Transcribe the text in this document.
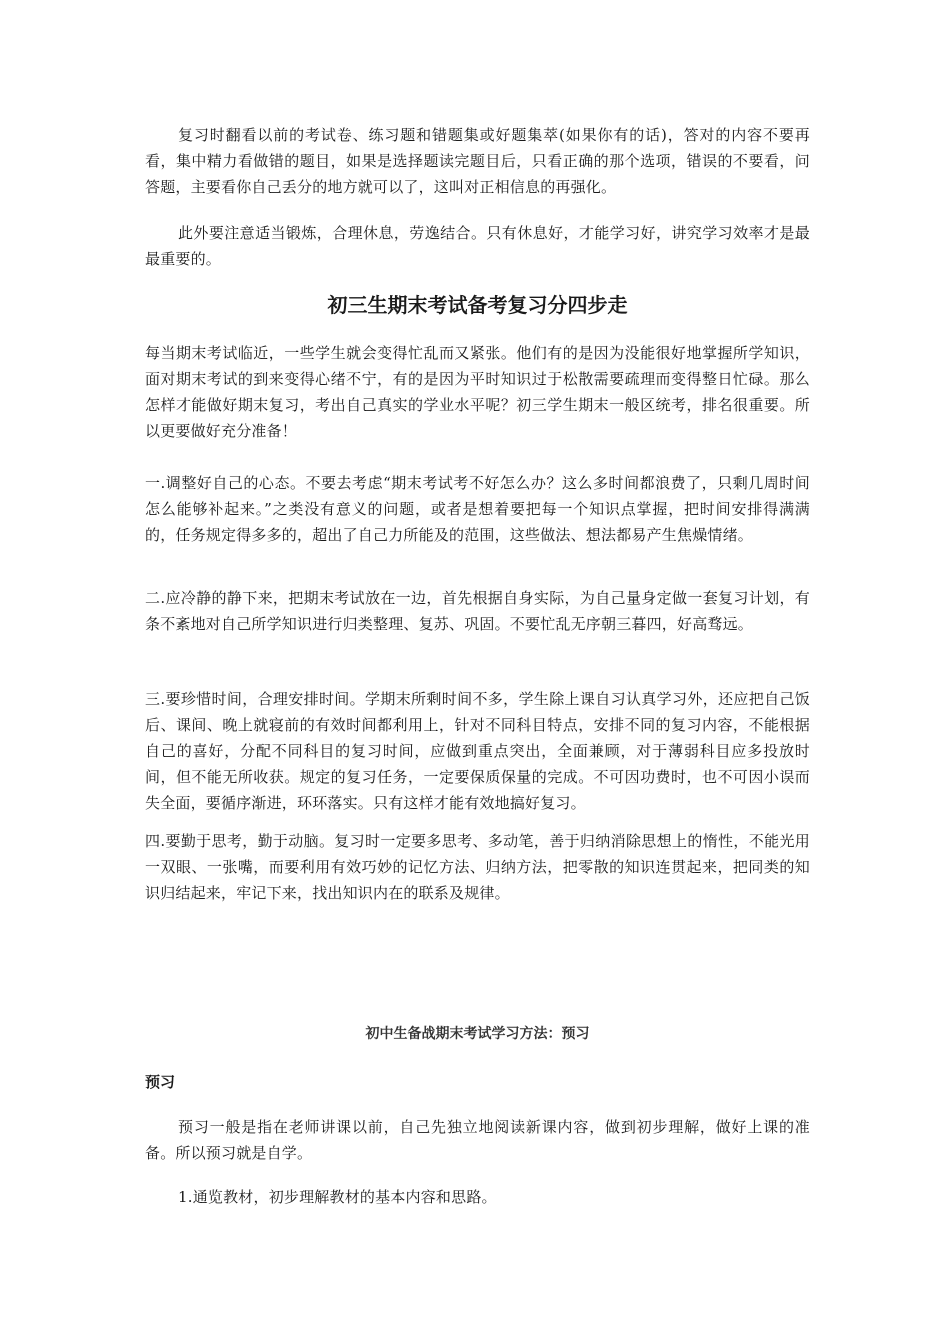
复习时翻看以前的考试卷、练习题和错题集或好题集萃(如果你有的话)，答对的内容不要再看，集中精力看做错的题目，如果是选择题读完题目后，只看正确的那个选项，错误的不要看，问答题，主要看你自己丢分的地方就可以了，这叫对正相信息的再强化。

此外要注意适当锻炼，合理休息，劳逸结合。只有休息好，才能学习好，讲究学习效率才是最最重要的。

初三生期末考试备考复习分四步走

每当期末考试临近，一些学生就会变得忙乱而又紧张。他们有的是因为没能很好地掌握所学知识，面对期末考试的到来变得心绪不宁，有的是因为平时知识过于松散需要疏理而变得整日忙碌。那么怎样才能做好期末复习，考出自己真实的学业水平呢？初三学生期末一般区统考，排名很重要。所以更要做好充分准备！

一.调整好自己的心态。不要去考虑“期末考试考不好怎么办？这么多时间都浪费了，只剩几周时间怎么能够补起来。”之类没有意义的问题，或者是想着要把每一个知识点掌握，把时间安排得满满的，任务规定得多多的，超出了自己力所能及的范围，这些做法、想法都易产生焦燥情绪。

二.应冷静的静下来，把期末考试放在一边，首先根据自身实际，为自己量身定做一套复习计划，有条不紊地对自己所学知识进行归类整理、复苏、巩固。不要忙乱无序朝三暮四，好高骛远。

三.要珍惜时间，合理安排时间。学期末所剩时间不多，学生除上课自习认真学习外，还应把自己饭后、课间、晚上就寝前的有效时间都利用上，针对不同科目特点，安排不同的复习内容，不能根据自己的喜好，分配不同科目的复习时间，应做到重点突出，全面兼顾，对于薄弱科目应多投放时间，但不能无所收获。规定的复习任务，一定要保质保量的完成。不可因功费时，也不可因小误而失全面，要循序渐进，环环落实。只有这样才能有效地搞好复习。

四.要勤于思考，勤于动脑。复习时一定要多思考、多动笔，善于归纳消除思想上的惰性，不能光用一双眼、一张嘴，而要利用有效巧妙的记忆方法、归纳方法，把零散的知识连贯起来，把同类的知识归结起来，牢记下来，找出知识内在的联系及规律。

初中生备战期末考试学习方法：预习
预习

预习一般是指在老师讲课以前，自己先独立地阅读新课内容，做到初步理解，做好上课的准备。所以预习就是自学。

1.通览教材，初步理解教材的基本内容和思路。
